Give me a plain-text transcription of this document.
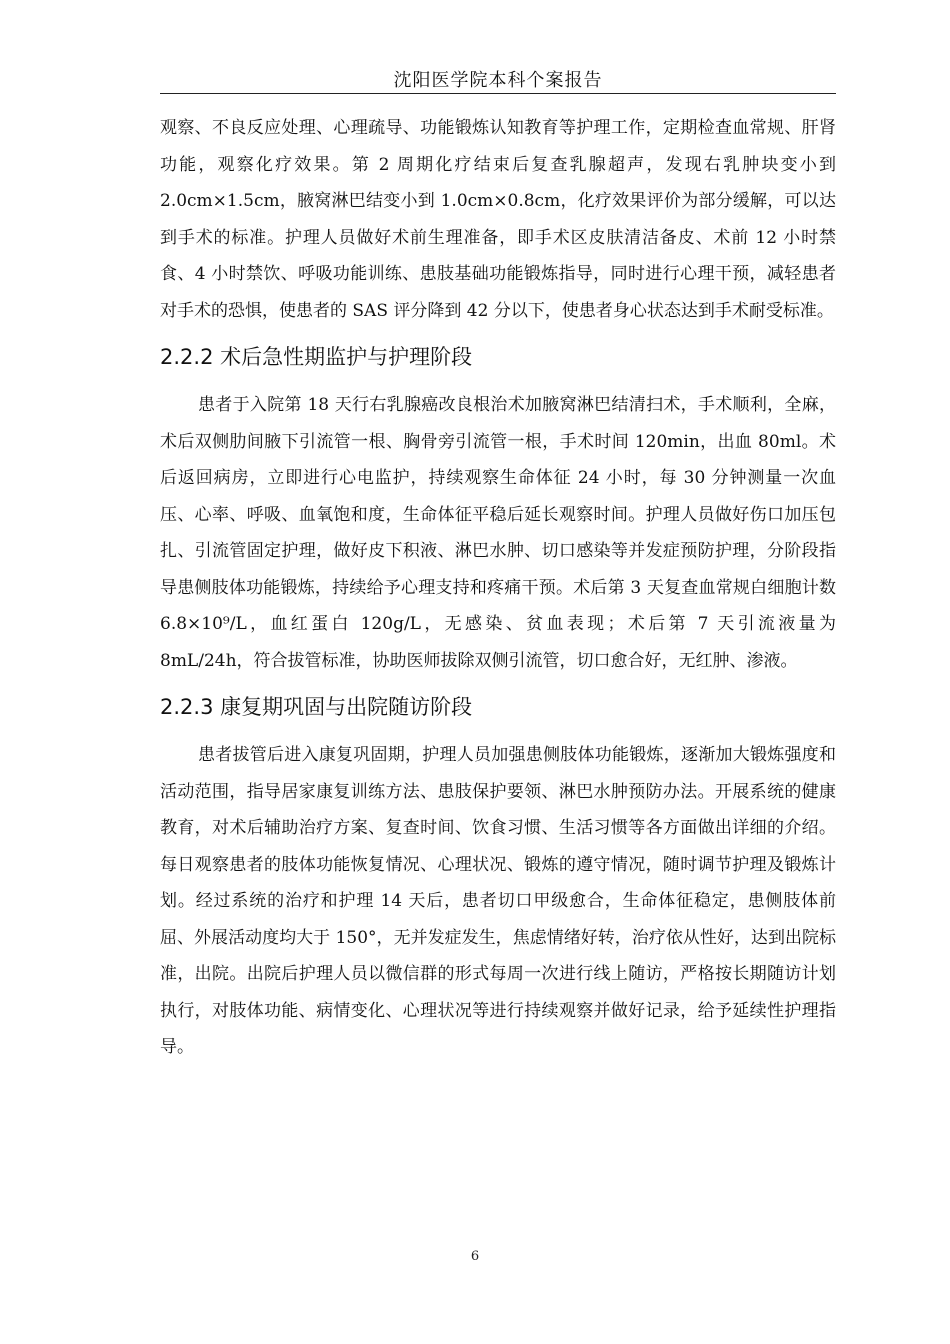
沈阳医学院本科个案报告

观察、不良反应处理、心理疏导、功能锻炼认知教育等护理工作，定期检查血常规、肝肾功能，观察化疗效果。第 2 周期化疗结束后复查乳腺超声，发现右乳肿块变小到 2.0cm×1.5cm，腋窝淋巴结变小到 1.0cm×0.8cm，化疗效果评价为部分缓解，可以达到手术的标准。护理人员做好术前生理准备，即手术区皮肤清洁备皮、术前 12 小时禁食、4 小时禁饮、呼吸功能训练、患肢基础功能锻炼指导，同时进行心理干预，减轻患者对手术的恐惧，使患者的 SAS 评分降到 42 分以下，使患者身心状态达到手术耐受标准。

2.2.2 术后急性期监护与护理阶段

患者于入院第 18 天行右乳腺癌改良根治术加腋窝淋巴结清扫术，手术顺利，全麻，术后双侧肋间腋下引流管一根、胸骨旁引流管一根，手术时间 120min，出血 80ml。术后返回病房，立即进行心电监护，持续观察生命体征 24 小时，每 30 分钟测量一次血压、心率、呼吸、血氧饱和度，生命体征平稳后延长观察时间。护理人员做好伤口加压包扎、引流管固定护理，做好皮下积液、淋巴水肿、切口感染等并发症预防护理，分阶段指导患侧肢体功能锻炼，持续给予心理支持和疼痛干预。术后第 3 天复查血常规白细胞计数 6.8×10⁹/L，血红蛋白 120g/L，无感染、贫血表现；术后第 7 天引流液量为 8mL/24h，符合拔管标准，协助医师拔除双侧引流管，切口愈合好，无红肿、渗液。

2.2.3 康复期巩固与出院随访阶段

患者拔管后进入康复巩固期，护理人员加强患侧肢体功能锻炼，逐渐加大锻炼强度和活动范围，指导居家康复训练方法、患肢保护要领、淋巴水肿预防办法。开展系统的健康教育，对术后辅助治疗方案、复查时间、饮食习惯、生活习惯等各方面做出详细的介绍。每日观察患者的肢体功能恢复情况、心理状况、锻炼的遵守情况，随时调节护理及锻炼计划。经过系统的治疗和护理 14 天后，患者切口甲级愈合，生命体征稳定，患侧肢体前屈、外展活动度均大于 150°，无并发症发生，焦虑情绪好转，治疗依从性好，达到出院标准，出院。出院后护理人员以微信群的形式每周一次进行线上随访，严格按长期随访计划执行，对肢体功能、病情变化、心理状况等进行持续观察并做好记录，给予延续性护理指导。

6
